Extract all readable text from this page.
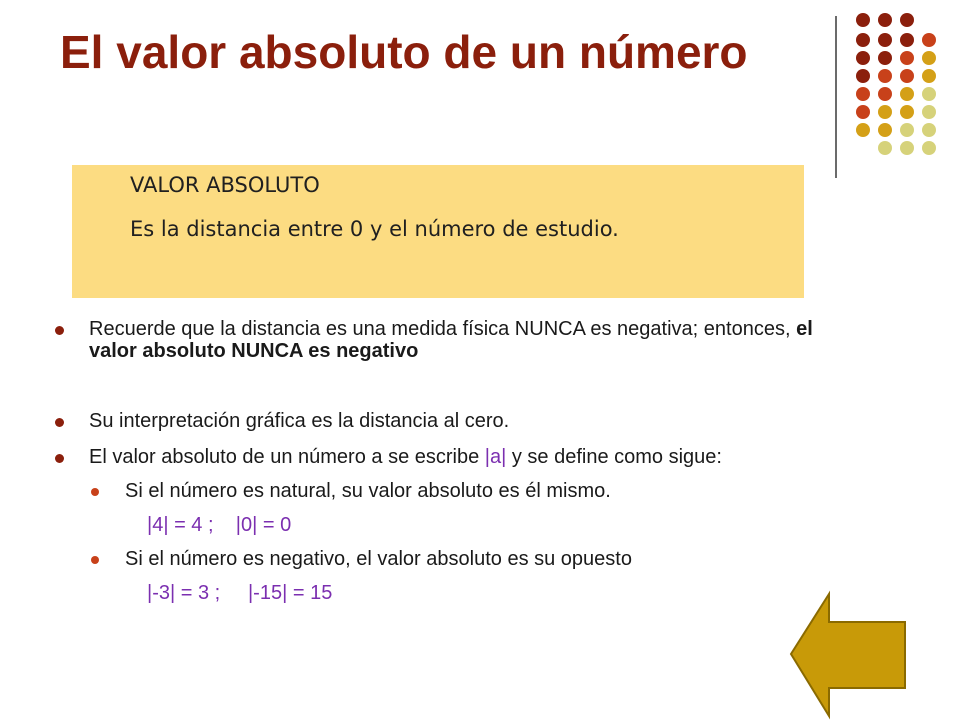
El valor absoluto de un número
VALOR ABSOLUTO
Es la distancia entre 0 y el número de estudio.
Recuerde que la distancia es una medida física NUNCA es negativa; entonces, el valor absoluto NUNCA es negativo
Su interpretación gráfica es la distancia al cero.
El valor absoluto de un número a se escribe |a| y se define como sigue:
Si el número es natural, su valor absoluto es él mismo.
|4| = 4 ;    |0| = 0
Si el número es negativo, el valor absoluto es su opuesto
|-3| = 3 ;     |-15| = 15
